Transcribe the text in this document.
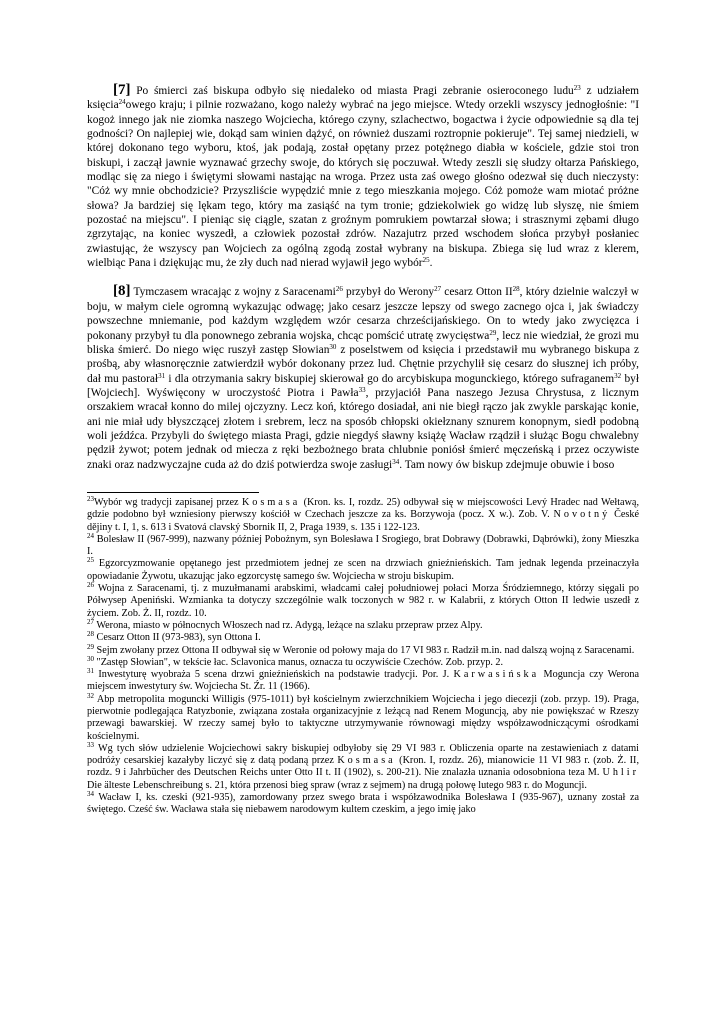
[7] Po śmierci zaś biskupa odbyło się niedaleko od miasta Pragi zebranie osieroconego ludu$^{23}$ z udziałem księcia$^{24}$owego kraju; i pilnie rozważano, kogo należy wybrać na jego miejsce. Wtedy orzekli wszyscy jednogłośnie: "I kogoż innego jak nie ziomka naszego Wojciecha, którego czyny, szlachectwo, bogactwa i życie odpowiednie są dla tej godności? On najlepiej wie, dokąd sam winien dążyć, on również duszami roztropnie pokieruje". Tej samej niedzieli, w której dokonano tego wyboru, ktoś, jak podają, został opętany przez potężnego diabła w kościele, gdzie stoi tron biskupi, i zaczął jawnie wyznawać grzechy swoje, do których się poczuwał. Wtedy zeszli się słudzy ołtarza Pańskiego, modląc się za niego i świętymi słowami nastając na wroga. Przez usta zaś owego głośno odezwał się duch nieczysty: "Cóż wy mnie obchodzicie? Przyszliście wypędzić mnie z tego mieszkania mojego. Cóż pomoże wam miotać próżne słowa? Ja bardziej się lękam tego, który ma zasiąść na tym tronie; gdziekolwiek go widzę lub słyszę, nie śmiem pozostać na miejscu". I pieniąc się ciągle, szatan z groźnym pomrukiem powtarzał słowa; i strasznymi zębami długo zgrzytając, na koniec wyszedł, a człowiek pozostał zdrów. Nazajutrz przed wschodem słońca przybył posłaniec zwiastując, że wszyscy pan Wojciech za ogólną zgodą został wybrany na biskupa. Zbiega się lud wraz z klerem, wielbiąc Pana i dziękując mu, że zły duch nad nierad wyjawił jego wybór$^{25}$.

[8] Tymczasem wracając z wojny z Saracenami$^{26}$ przybył do Werony$^{27}$ cesarz Otton II$^{28}$, który dzielnie walczył w boju, w małym ciele ogromną wykazując odwagę; jako cesarz jeszcze lepszy od swego zacnego ojca i, jak świadczy powszechne mniemanie, pod każdym względem wzór cesarza chrześcijańskiego. On to wtedy jako zwycięzca i pokonany przybył tu dla ponownego zebrania wojska, chcąc pomścić utratę zwycięstwa$^{29}$, lecz nie wiedział, że grozi mu bliska śmierć. Do niego więc ruszył zastęp Słowian$^{30}$ z poselstwem od księcia i przedstawił mu wybranego biskupa z prośbą, aby własnoręcznie zatwierdził wybór dokonany przez lud. Chętnie przychylił się cesarz do słusznej ich próby, dał mu pastorał$^{31}$ i dla otrzymania sakry biskupiej skierował go do arcybiskupa mogunckiego, którego sufraganem$^{32}$ był [Wojciech]. Wyświęcony w uroczystość Piotra i Pawła$^{33}$, przyjaciół Pana naszego Jezusa Chrystusa, z licznym orszakiem wracał konno do milej ojczyzny. Lecz koń, którego dosiadał, ani nie biegł rączo jak zwykle parskając konie, ani nie miał udy błyszczącej złotem i srebrem, lecz na sposób chłopski okiełznany sznurem konopnym, siedł podobną woli jeźdźca. Przybyli do świętego miasta Pragi, gdzie niegdyś sławny książę Wacław rządził i służąc Bogu chwalebny pędził żywot; potem jednak od miecza z ręki bezbożnego brata chlubnie poniósł śmierć męczeńską i przez oczywiste znaki oraz nadzwyczajne cuda aż do dziś potwierdza swoje zasługi$^{34}$. Tam nowy ów biskup zdejmuje obuwie i boso

$^{23}$Wybór wg tradycji zapisanej przez Kosmasa (Kron. ks. I, rozdz. 25) odbywał się w miejscowości Levý Hradec nad Wełtawą, gdzie podobno był wzniesiony pierwszy kościół w Czechach jeszcze za ks. Borzywoja (pocz. X w.). Zob. V. Novotný České dějiny t. I, 1, s. 613 i Svatová clavský Sbornik II, 2, Praga 1939, s. 135 i 122-123.

$^{24}$ Bolesław II (967-999), nazwany później Pobożnym, syn Bolesława I Srogiego, brat Dobrawy (Dobrawki, Dąbrówki), żony Mieszka I.

$^{25}$ Egzorcyzmowanie opętanego jest przedmiotem jednej ze scen na drzwiach gnieźnieńskich. Tam jednak legenda przeinaczyła opowiadanie Żywotu, ukazując jako egzorcystę samego św. Wojciecha w stroju biskupim.

$^{26}$ Wojna z Saracenami, tj. z muzułmanami arabskimi, władcami całej południowej połaci Morza Śródziemnego, którzy sięgali po Półwysep Apeniński. Wzmianka ta dotyczy szczególnie walk toczonych w 982 r. w Kalabrii, z których Otton II ledwie uszedł z życiem. Zob. Ż. II, rozdz. 10.

$^{27}$ Werona, miasto w północnych Włoszech nad rz. Adygą, leżące na szlaku przepraw przez Alpy.

$^{28}$ Cesarz Otton II (973-983), syn Ottona I.

$^{29}$ Sejm zwołany przez Ottona II odbywał się w Weronie od połowy maja do 17 VI 983 r. Radził m.in. nad dalszą wojną z Saracenami.

$^{30}$ "Zastęp Słowian", w tekście łac. Sclavonica manus, oznacza tu oczywiście Czechów. Zob. przyp. 2.

$^{31}$ Inwestyturę wyobraża 5 scena drzwi gnieźnieńskich na podstawie tradycji. Por. J. Karwasińska Moguncja czy Werona miejscem inwestytury św. Wojciecha St. Źr. 11 (1966).

$^{32}$ Abp metropolita moguncki Willigis (975-1011) był kościelnym zwierzchnikiem Wojciecha i jego diecezji (zob. przyp. 19). Praga, pierwotnie podlegająca Ratyzbonie, związana została organizacyjnie z leżącą nad Renem Moguncją, aby nie powiększać w Rzeszy przewagi bawarskiej. W rzeczy samej było to taktyczne utrzymywanie równowagi między współzawodniczącymi ośrodkami kościelnymi.

$^{33}$ Wg tych słów udzielenie Wojciechowi sakry biskupiej odbyłoby się 29 VI 983 r. Obliczenia oparte na zestawieniach z datami podróży cesarskiej kazałyby liczyć się z datą podaną przez Kosmasa (Kron. I, rozdz. 26), mianowicie 11 VI 983 r. (zob. Ż. II, rozdz. 9 i Jahrbücher des Deutschen Reichs unter Otto II t. II (1902), s. 200-21). Nie znalazła uznania odosobniona teza M. Uhlir Die älteste Lebenschreibung s. 21, która przenosi bieg spraw (wraz z sejmem) na drugą połowę lutego 983 r. do Moguncji.

$^{34}$ Wacław I, ks. czeski (921-935), zamordowany przez swego brata i współzawodnika Bolesława I (935-967), uznany został za świętego. Cześć św. Wacława stała się niebawem narodowym kultem czeskim, a jego imię jako
